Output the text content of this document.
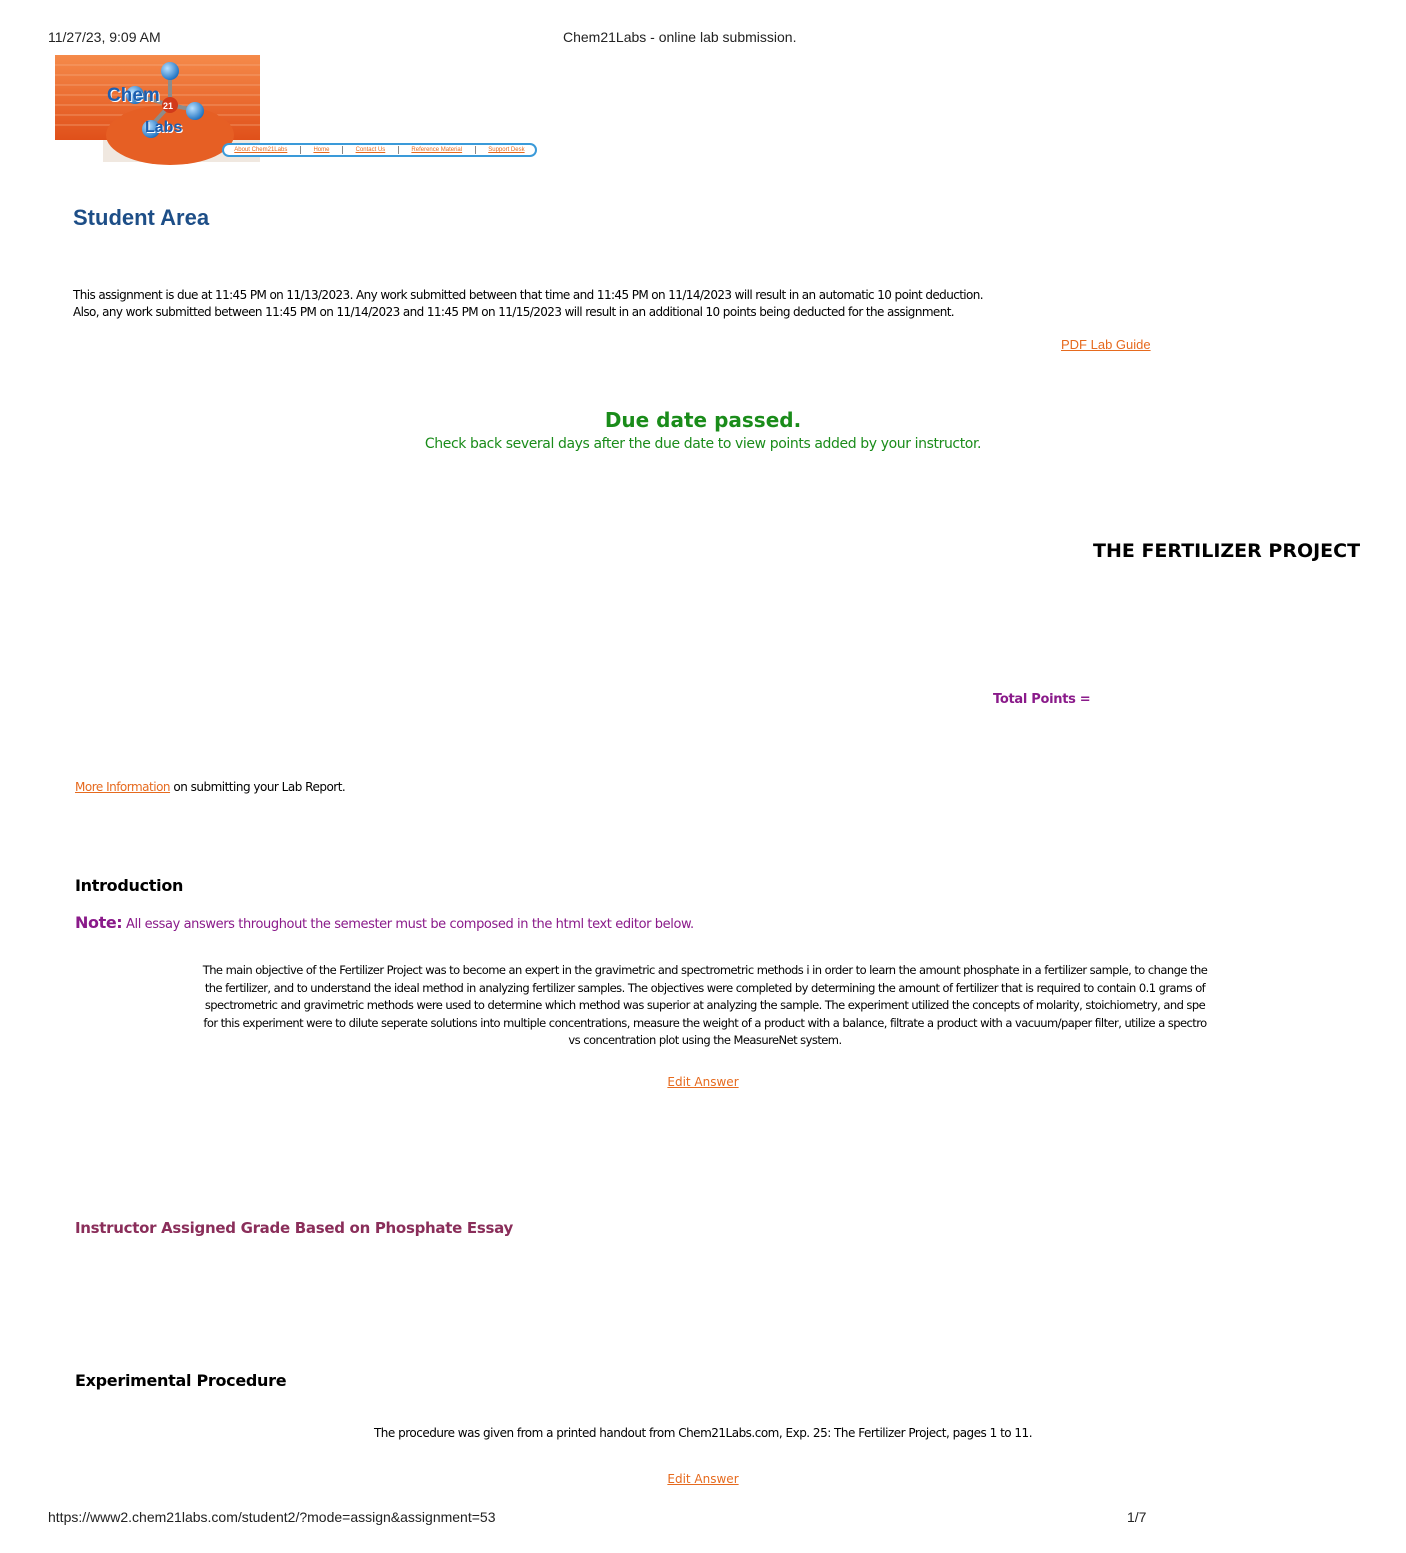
11/27/23, 9:09 AM	Chem21Labs - online lab submission.
Chem 21
Labs
About Chem21Labs	Home	Contact Us	Reference Material	Support Desk
Student Area
This assignment is due at 11:45 PM on 11/13/2023. Any work submitted between that time and 11:45 PM on 11/14/2023 will result in an automatic 10 point deduction.
Also, any work submitted between 11:45 PM on 11/14/2023 and 11:45 PM on 11/15/2023 will result in an additional 10 points being deducted for the assignment.
PDF Lab Guide
Due date passed.
Check back several days after the due date to view points added by your instructor.
THE FERTILIZER PROJECT
Total Points =
More Information on submitting your Lab Report.
Introduction
Note: All essay answers throughout the semester must be composed in the html text editor below.
The main objective of the Fertilizer Project was to become an expert in the gravimetric and spectrometric methods i in order to learn the amount phosphate in a fertilizer sample, to change the
the fertilizer, and to understand the ideal method in analyzing fertilizer samples. The objectives were completed by determining the amount of fertilizer that is required to contain 0.1 grams of
spectrometric and gravimetric methods were used to determine which method was superior at analyzing the sample. The experiment utilized the concepts of molarity, stoichiometry, and spe
for this experiment were to dilute seperate solutions into multiple concentrations, measure the weight of a product with a balance, filtrate a product with a vacuum/paper filter, utilize a spectro
vs concentration plot using the MeasureNet system.
Edit Answer
Instructor Assigned Grade Based on Phosphate Essay
Experimental Procedure
The procedure was given from a printed handout from Chem21Labs.com, Exp. 25: The Fertilizer Project, pages 1 to 11.
Edit Answer
https://www2.chem21labs.com/student2/?mode=assign&assignment=53	1/7
